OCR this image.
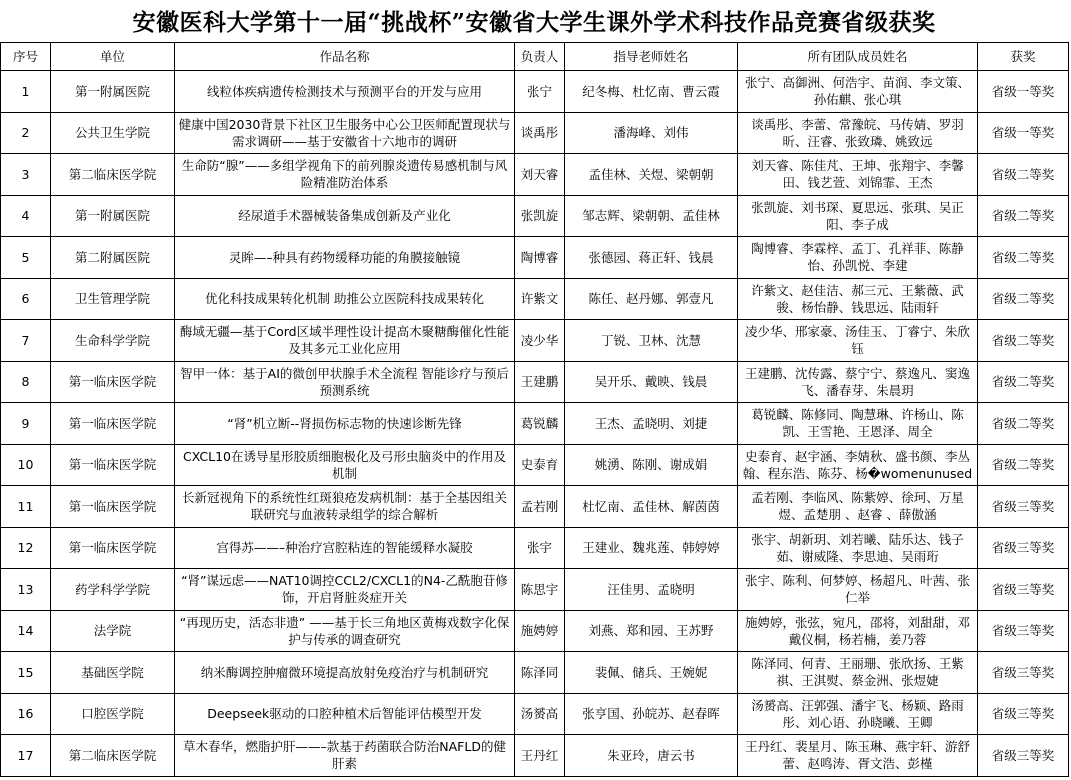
安徽医科大学第十一届“挑战杯”安徽省大学生课外学术科技作品竞赛省级获奖
序号	单位	作品名称	负责人	指导老师姓名	所有团队成员姓名	获奖
1	第一附属医院	线粒体疾病遗传检测技术与预测平台的开发与应用	张宁	纪冬梅、杜忆南、曹云霞	张宁、高御洲、何浩宇、苗润、李文策、孙佑麒、张心琪	省级一等奖
2	公共卫生学院	健康中国2030背景下社区卫生服务中心公卫医师配置现状与需求调研——基于安徽省十六地市的调研	谈禹彤	潘海峰、刘伟	谈禹彤、李蕾、常豫皖、马传婧、罗羽昕、汪睿、张致璘、姚致远	省级一等奖
3	第二临床医学院	生命防“腺”——多组学视角下的前列腺炎遗传易感机制与风险精准防治体系	刘天睿	孟佳林、关煜、梁朝朝	刘天睿、陈佳芃、王坤、张翔宇、李馨田、钱艺萱、刘锦霏、王杰	省级二等奖
4	第一附属医院	经尿道手术器械装备集成创新及产业化	张凯旋	邹志辉、梁朝朝、孟佳林	张凯旋、刘书琛、夏思远、张琪、吴正阳、李子成	省级二等奖
5	第二附属医院	灵眸—–种具有药物缓释功能的角膜接触镜	陶博睿	张德园、蒋正轩、钱晨	陶博睿、李霖梓、孟丁、孔祥菲、陈静怡、孙凯悦、李建	省级二等奖
6	卫生管理学院	优化科技成果转化机制 助推公立医院科技成果转化	许紫文	陈任、赵丹娜、郭壹凡	许紫文、赵佳洁、郝三元、王紫薇、武骏、杨怡静、钱思远、陆雨轩	省级二等奖
7	生命科学学院	酶域无疆—基于Cord区域半理性设计提高木聚糖酶催化性能及其多元工业化应用	凌少华	丁锐、卫林、沈慧	凌少华、邢家豪、汤佳玉、丁睿宁、朱欣钰	省级二等奖
8	第一临床医学院	智甲一体：基于AI的微创甲状腺手术全流程 智能诊疗与预后预测系统	王建鹏	吴开乐、戴映、钱晨	王建鹏、沈传露、蔡宁宁、蔡逸凡、窦逸飞、潘春芽、朱晨玥	省级二等奖
9	第一临床医学院	“肾”机立断--肾损伤标志物的快速诊断先锋	葛锐麟	王杰、孟晓明、刘捷	葛锐麟、陈修同、陶慧琳、许杨山、陈凯、王雪艳、王恩泽、周全	省级二等奖
10	第一临床医学院	CXCL10在诱导星形胶质细胞极化及弓形虫脑炎中的作用及机制	史泰育	姚湧、陈刚、谢成娟	史泰育、赵宇涵、李婧秋、盛书颜、李丛翰、程东浩、陈芬、杨�womenunused	省级二等奖
11	第一临床医学院	长新冠视角下的系统性红斑狼疮发病机制：基于全基因组关联研究与血液转录组学的综合解析	孟若刚	杜忆南、孟佳林、解茵茵	孟若刚、李临风、陈紫婷、徐珂、万星煜、孟楚朋 、赵睿 、薛傲涵	省级三等奖
12	第一临床医学院	宫得苏——–种治疗宫腔粘连的智能缓释水凝胶	张宇	王建业、魏兆莲、韩婷婷	张宇、胡新玥、刘若曦、陆乐达、钱子茹、谢威隆、李思迪、吴雨珩	省级三等奖
13	药学科学学院	“肾”谋远虑——NAT10调控CCL2/CXCL1的N4-乙酰胞苷修饰，开启肾脏炎症开关	陈思宇	汪佳男、孟晓明	张宇、陈利、何梦婷、杨超凡、叶茜、张仁举	省级三等奖
14	法学院	“再现历史，活态非遗” ——基于长三角地区黄梅戏数字化保护与传承的调查研究	施娉婷	刘燕、郑和园、王苏野	施娉婷，张弦，宛凡，邵将，刘甜甜，邓戴仪桐，杨若楠，姜乃蓉	省级三等奖
15	基础医学院	纳米酶调控肿瘤微环境提高放射免疫治疗与机制研究	陈泽同	裴佩、储兵、王婉妮	陈泽同、何青、王丽珊、张欣扬、王紫祺、王淇熨、蔡金洲、张煜婕	省级三等奖
16	口腔医学院	Deepseek驱动的口腔种植术后智能评估模型开发	汤赟高	张亨国、孙皖苏、赵春晖	汤赟高、汪郭强、潘宇飞、杨颖、路雨彤、刘心语、孙晓曦、王卿	省级三等奖
17	第二临床医学院	草木春华，燃脂护肝——–款基于药菌联合防治NAFLD的健肝素	王丹红	朱亚玲，唐云书	王丹红、裴星月、陈玉琳、燕宇轩、游舒蕾、赵鸣涛、胥文浩、彭槿	省级三等奖
